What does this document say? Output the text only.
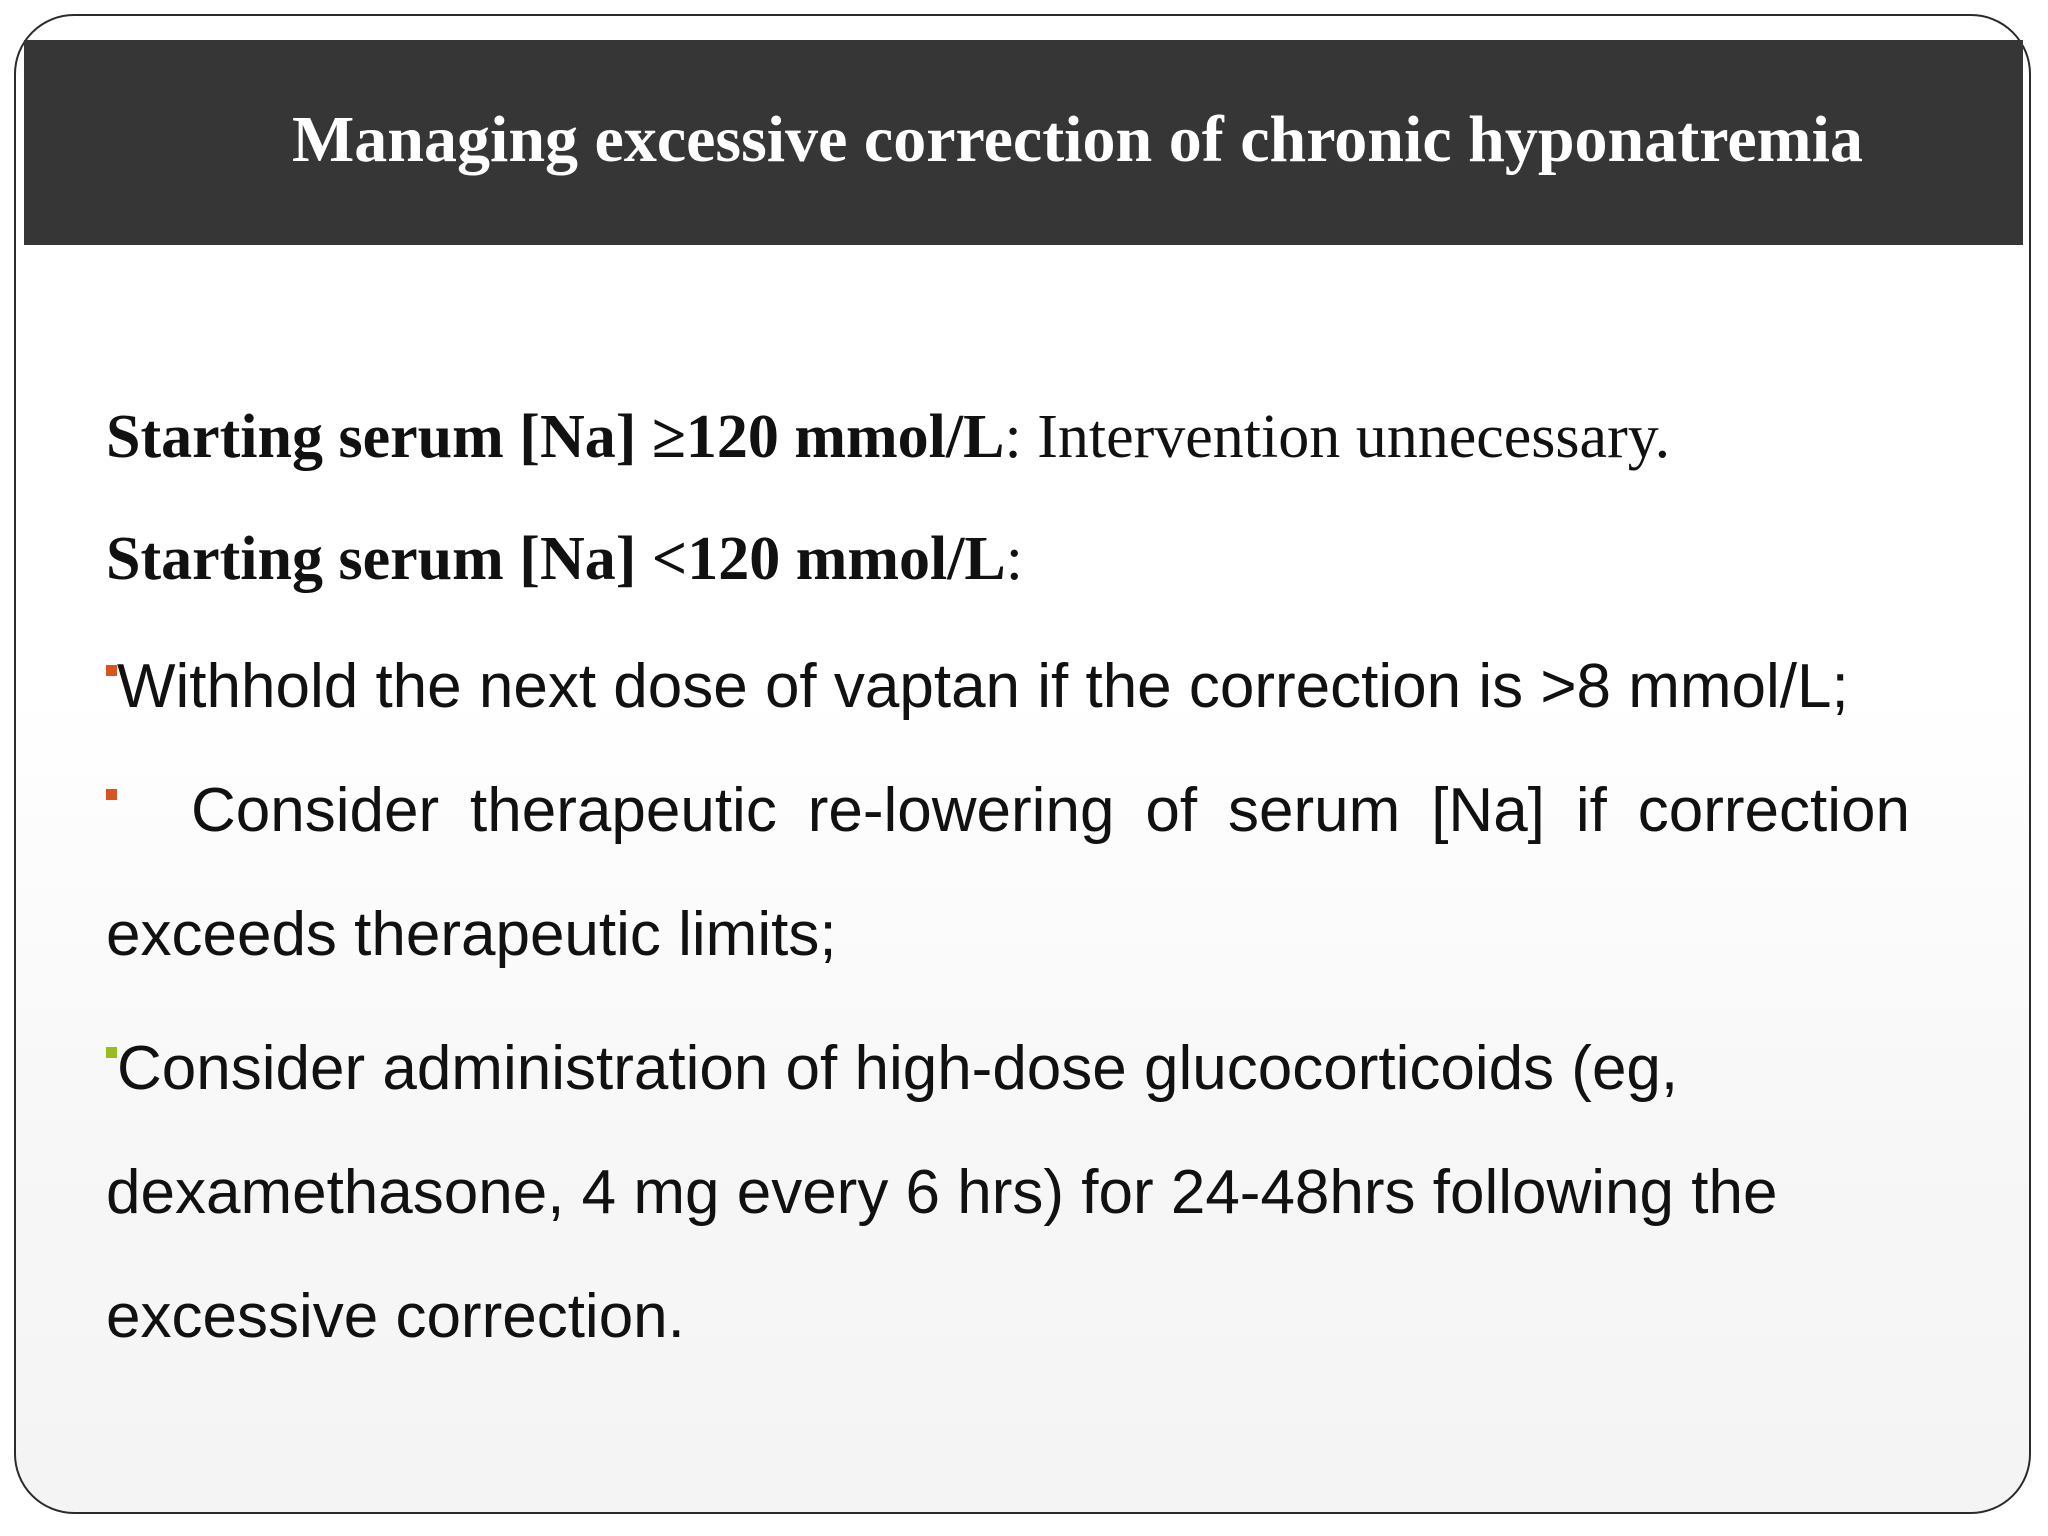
Managing excessive correction of chronic hyponatremia

Starting serum [Na] ≥120 mmol/L: Intervention unnecessary.

Starting serum [Na] <120 mmol/L:

Withhold the next dose of vaptan if the correction is >8 mmol/L;

Consider therapeutic re-lowering of serum [Na] if correction exceeds therapeutic limits;

Consider administration of high-dose glucocorticoids (eg, dexamethasone, 4 mg every 6 hrs) for 24-48hrs following the excessive correction.
